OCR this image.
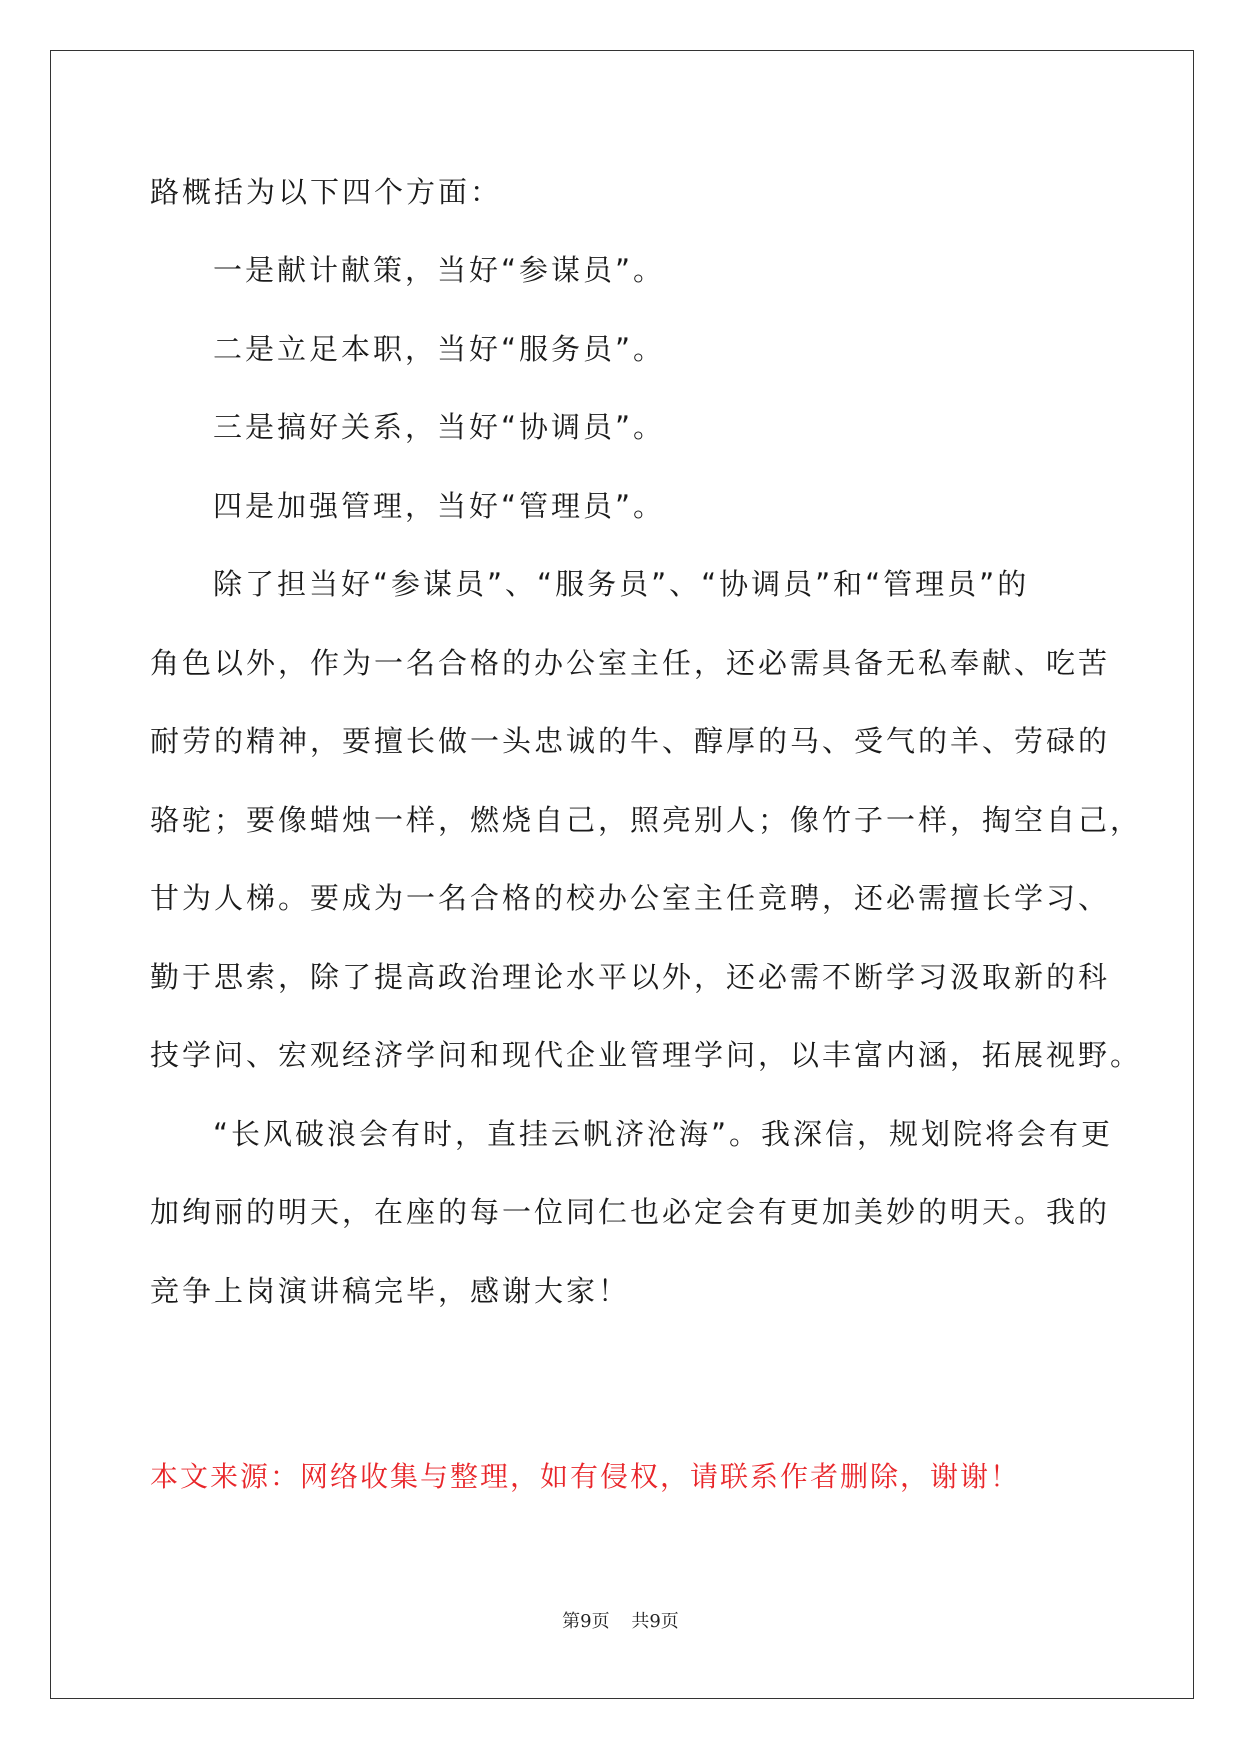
路概括为以下四个方面：
一是献计献策，当好“参谋员”。
二是立足本职，当好“服务员”。
三是搞好关系，当好“协调员”。
四是加强管理，当好“管理员”。
除了担当好“参谋员”、“服务员”、“协调员”和“管理员”的
角色以外，作为一名合格的办公室主任，还必需具备无私奉献、吃苦
耐劳的精神，要擅长做一头忠诚的牛、醇厚的马、受气的羊、劳碌的
骆驼；要像蜡烛一样，燃烧自己，照亮别人；像竹子一样，掏空自己，
甘为人梯。要成为一名合格的校办公室主任竞聘，还必需擅长学习、
勤于思索，除了提高政治理论水平以外，还必需不断学习汲取新的科
技学问、宏观经济学问和现代企业管理学问，以丰富内涵，拓展视野。
“长风破浪会有时，直挂云帆济沧海”。我深信，规划院将会有更
加绚丽的明天，在座的每一位同仁也必定会有更加美妙的明天。我的
竞争上岗演讲稿完毕，感谢大家！
本文来源：网络收集与整理，如有侵权，请联系作者删除，谢谢！
第9页 共9页
